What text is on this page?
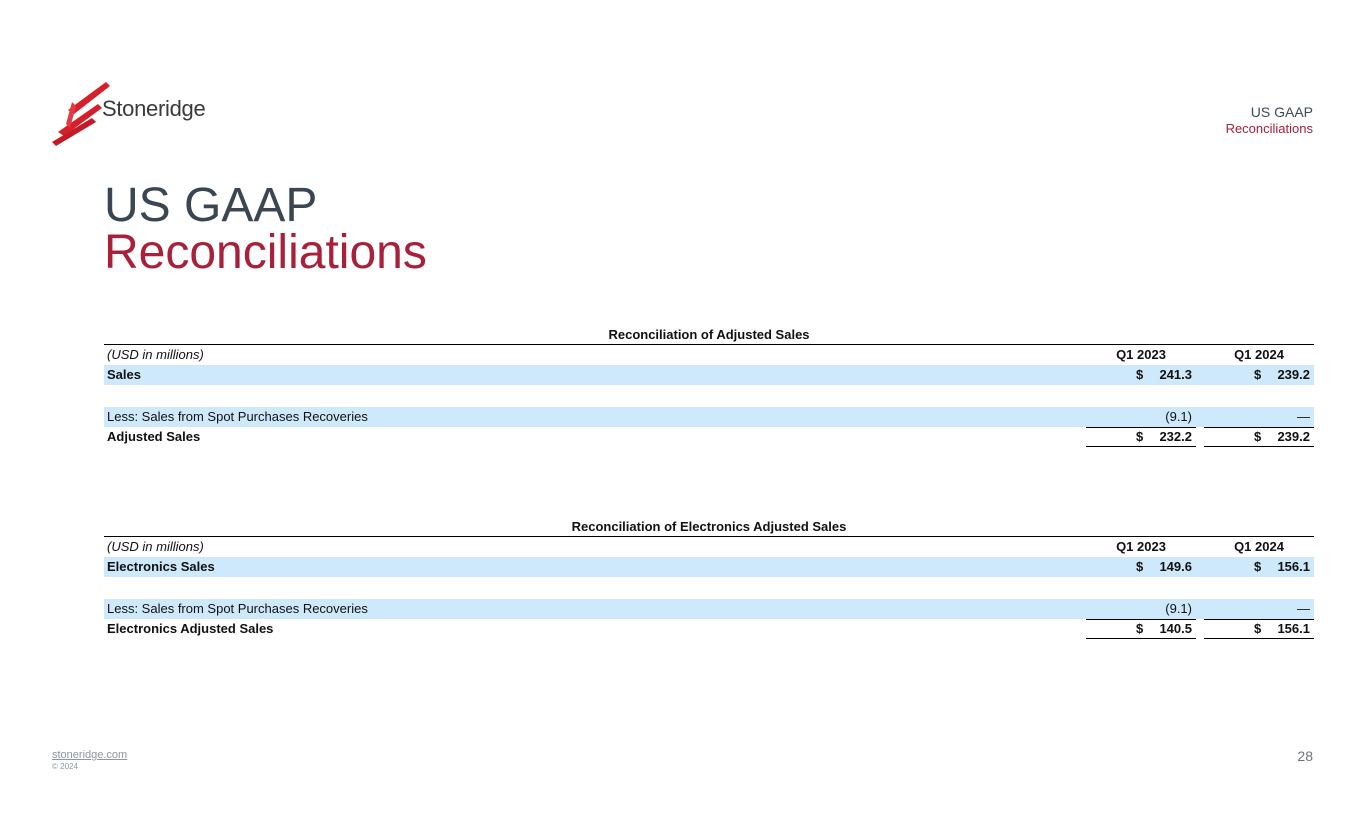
Stoneridge	US GAAP
Reconciliations
US GAAP
Reconciliations
Reconciliation of Adjusted Sales
(USD in millions)	Q1 2023	Q1 2024
Sales	$ 241.3	$ 239.2
Less: Sales from Spot Purchases Recoveries	(9.1)	—
Adjusted Sales	$ 232.2	$ 239.2
Reconciliation of Electronics Adjusted Sales
(USD in millions)	Q1 2023	Q1 2024
Electronics Sales	$ 149.6	$ 156.1
Less: Sales from Spot Purchases Recoveries	(9.1)	—
Electronics Adjusted Sales	$ 140.5	$ 156.1
stoneridge.com
© 2024
28
